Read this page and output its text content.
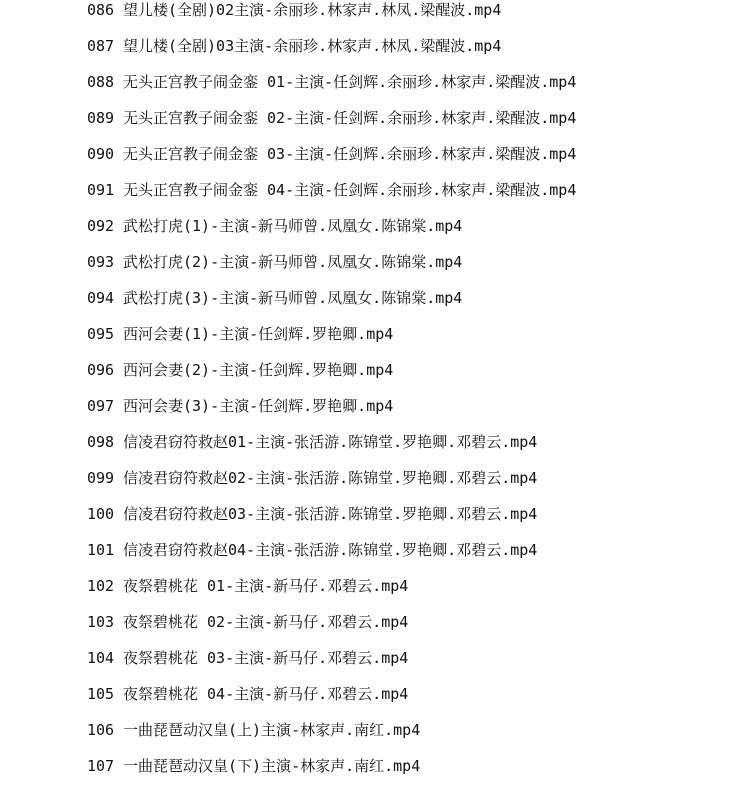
086 望儿楼(全剧)02主演-余丽珍.林家声.林凤.梁醒波.mp4
087 望儿楼(全剧)03主演-余丽珍.林家声.林凤.梁醒波.mp4
088 无头正宫教子闹金銮 01-主演-任剑辉.余丽珍.林家声.梁醒波.mp4
089 无头正宫教子闹金銮 02-主演-任剑辉.余丽珍.林家声.梁醒波.mp4
090 无头正宫教子闹金銮 03-主演-任剑辉.余丽珍.林家声.梁醒波.mp4
091 无头正宫教子闹金銮 04-主演-任剑辉.余丽珍.林家声.梁醒波.mp4
092 武松打虎(1)-主演-新马师曾.凤凰女.陈锦棠.mp4
093 武松打虎(2)-主演-新马师曾.凤凰女.陈锦棠.mp4
094 武松打虎(3)-主演-新马师曾.凤凰女.陈锦棠.mp4
095 西河会妻(1)-主演-任剑辉.罗艳卿.mp4
096 西河会妻(2)-主演-任剑辉.罗艳卿.mp4
097 西河会妻(3)-主演-任剑辉.罗艳卿.mp4
098 信凌君窃符救赵01-主演-张活游.陈锦堂.罗艳卿.邓碧云.mp4
099 信凌君窃符救赵02-主演-张活游.陈锦堂.罗艳卿.邓碧云.mp4
100 信凌君窃符救赵03-主演-张活游.陈锦堂.罗艳卿.邓碧云.mp4
101 信凌君窃符救赵04-主演-张活游.陈锦堂.罗艳卿.邓碧云.mp4
102 夜祭碧桃花 01-主演-新马仔.邓碧云.mp4
103 夜祭碧桃花 02-主演-新马仔.邓碧云.mp4
104 夜祭碧桃花 03-主演-新马仔.邓碧云.mp4
105 夜祭碧桃花 04-主演-新马仔.邓碧云.mp4
106 一曲琵琶动汉皇(上)主演-林家声.南红.mp4
107 一曲琵琶动汉皇(下)主演-林家声.南红.mp4
